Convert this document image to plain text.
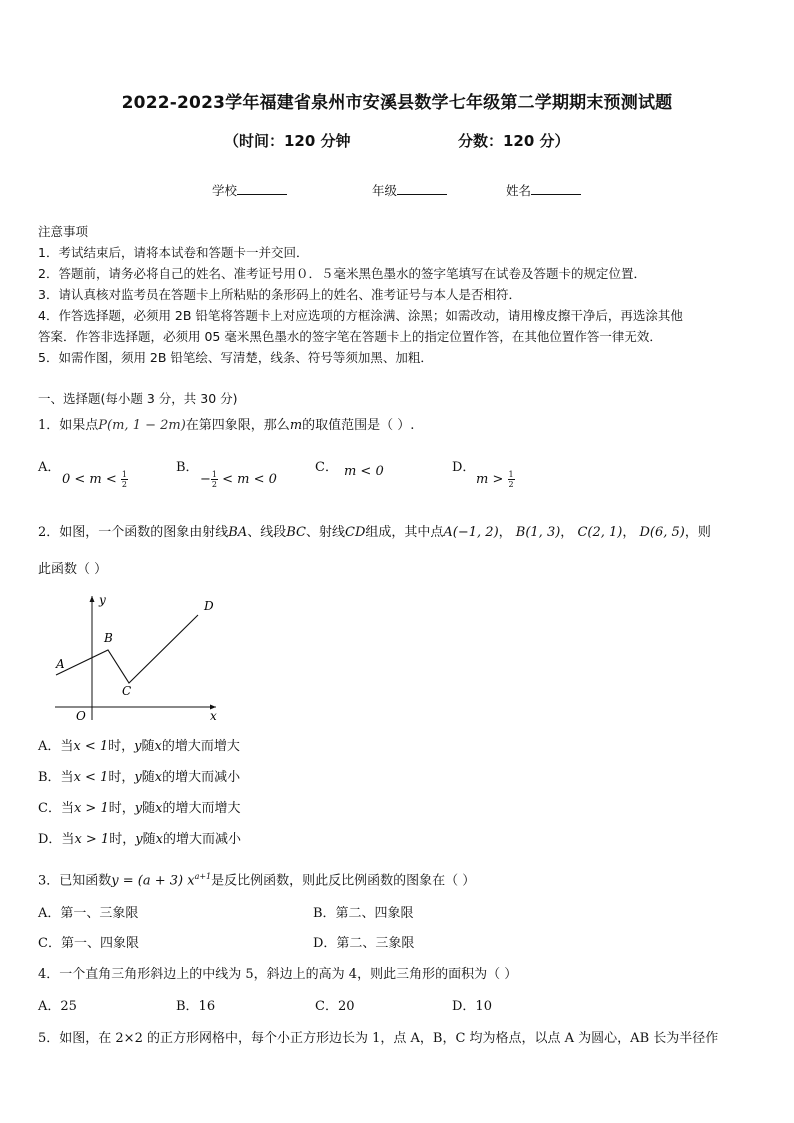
2022-2023学年福建省泉州市安溪县数学七年级第二学期期末预测试题
（时间：120 分钟	分数：120 分）
学校	年级	姓名
注意事项
1．考试结束后，请将本试卷和答题卡一并交回．
2．答题前，请务必将自己的姓名、准考证号用０．５毫米黑色墨水的签字笔填写在试卷及答题卡的规定位置．
3．请认真核对监考员在答题卡上所粘贴的条形码上的姓名、准考证号与本人是否相符．
4．作答选择题，必须用 2B 铅笔将答题卡上对应选项的方框涂满、涂黑；如需改动，请用橡皮擦干净后，再选涂其他
答案．作答非选择题，必须用 05 毫米黑色墨水的签字笔在答题卡上的指定位置作答，在其他位置作答一律无效．
5．如需作图，须用 2B 铅笔绘、写清楚，线条、符号等须加黑、加粗．
一、选择题(每小题 3 分，共 30 分)
1．如果点P(m, 1 − 2m)在第四象限，那么m的取值范围是（ ）.
A．
$0 < m < \frac{1}{2}$
B．
− $\frac{1}{2} < m < 0$
C． m < 0	D．
$m > \frac{1}{2}$
2．如图，一个函数的图象由射线BA、线段BC、射线CD组成，其中点A(−1, 2)， B(1, 3)， C(2, 1)， D(6, 5)，则
此函数（ ）
y
x
O
A
B
C
D
A．当x < 1时，y随x的增大而增大
B．当x < 1时，y随x的增大而减小
C．当x > 1时，y随x的增大而增大
D．当x > 1时，y随x的增大而减小
3．已知函数y = (a + 3) $x^{a+1}$是反比例函数，则此反比例函数的图象在（ ）
A．第一、三象限	B．第二、四象限
C．第一、四象限	D．第二、三象限
4．一个直角三角形斜边上的中线为 5，斜边上的高为 4，则此三角形的面积为（ ）
A．25	B．16	C．20	D．10
5．如图，在 2×2 的正方形网格中，每个小正方形边长为 1，点 A，B，C 均为格点，以点 A 为圆心，AB 长为半径作
